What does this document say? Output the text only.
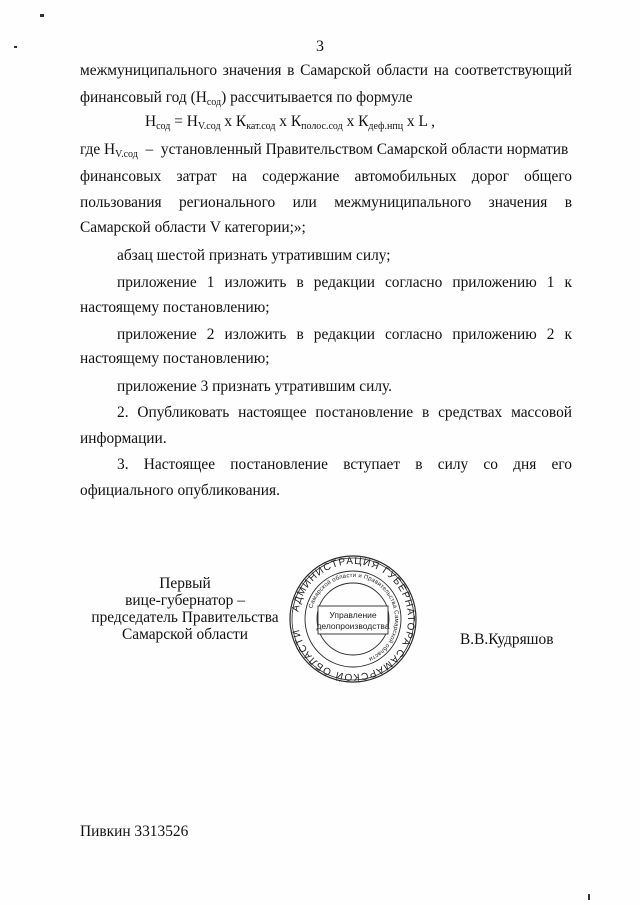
3
межмуниципального значения в Самарской области на соответствующий
финансовый год $(Н_{сод})$ рассчитывается по формуле
$Н_{сод} = Н_{V.сод}$ х $К_{кат.сод}$ х $К_{полос.сод}$ х $К_{деф.нпц}$ х L ,
где $Н_{V.сод}$  –  установленный Правительством Самарской области норматив
финансовых затрат на содержание автомобильных дорог общего
пользования регионального или межмуниципального значения в
Самарской области V категории;»;
абзац шестой признать утратившим силу;
приложение 1 изложить в редакции согласно приложению 1 к
настоящему постановлению;
приложение 2 изложить в редакции согласно приложению 2 к
настоящему постановлению;
приложение 3 признать утратившим силу.
2. Опубликовать настоящее постановление в средствах массовой
информации.
3. Настоящее постановление вступает в силу со дня его
официального опубликования.
Первый
вице-губернатор –
председатель Правительства
Самарской области
АДМИНИСТРАЦИЯ ГУБЕРНАТОРА САМАРСКОЙ ОБЛАСТИ
Самарской области и Правительства Самарской области
Управление
делопроизводства
В.В.Кудряшов
Пивкин 3313526
